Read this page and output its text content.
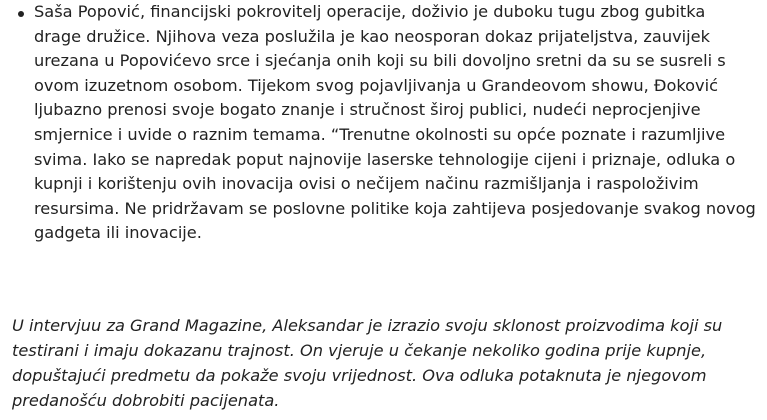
Saša Popović, financijski pokrovitelj operacije, doživio je duboku tugu zbog gubitka
drage družice. Njihova veza poslužila je kao neosporan dokaz prijateljstva, zauvijek
urezana u Popovićevo srce i sjećanja onih koji su bili dovoljno sretni da su se susreli s
ovom izuzetnom osobom. Tijekom svog pojavljivanja u Grandeovom showu, Đoković
ljubazno prenosi svoje bogato znanje i stručnost široj publici, nudeći neprocjenjive
smjernice i uvide o raznim temama. “Trenutne okolnosti su opće poznate i razumljive
svima. Iako se napredak poput najnovije laserske tehnologije cijeni i priznaje, odluka o
kupnji i korištenju ovih inovacija ovisi o nečijem načinu razmišljanja i raspoloživim
resursima. Ne pridržavam se poslovne politike koja zahtijeva posjedovanje svakog novog
gadgeta ili inovacije.

U intervjuu za Grand Magazine, Aleksandar je izrazio svoju sklonost proizvodima koji su
testirani i imaju dokazanu trajnost. On vjeruje u čekanje nekoliko godina prije kupnje,
dopuštajući predmetu da pokaže svoju vrijednost. Ova odluka potaknuta je njegovom
predanošću dobrobiti pacijenata.
